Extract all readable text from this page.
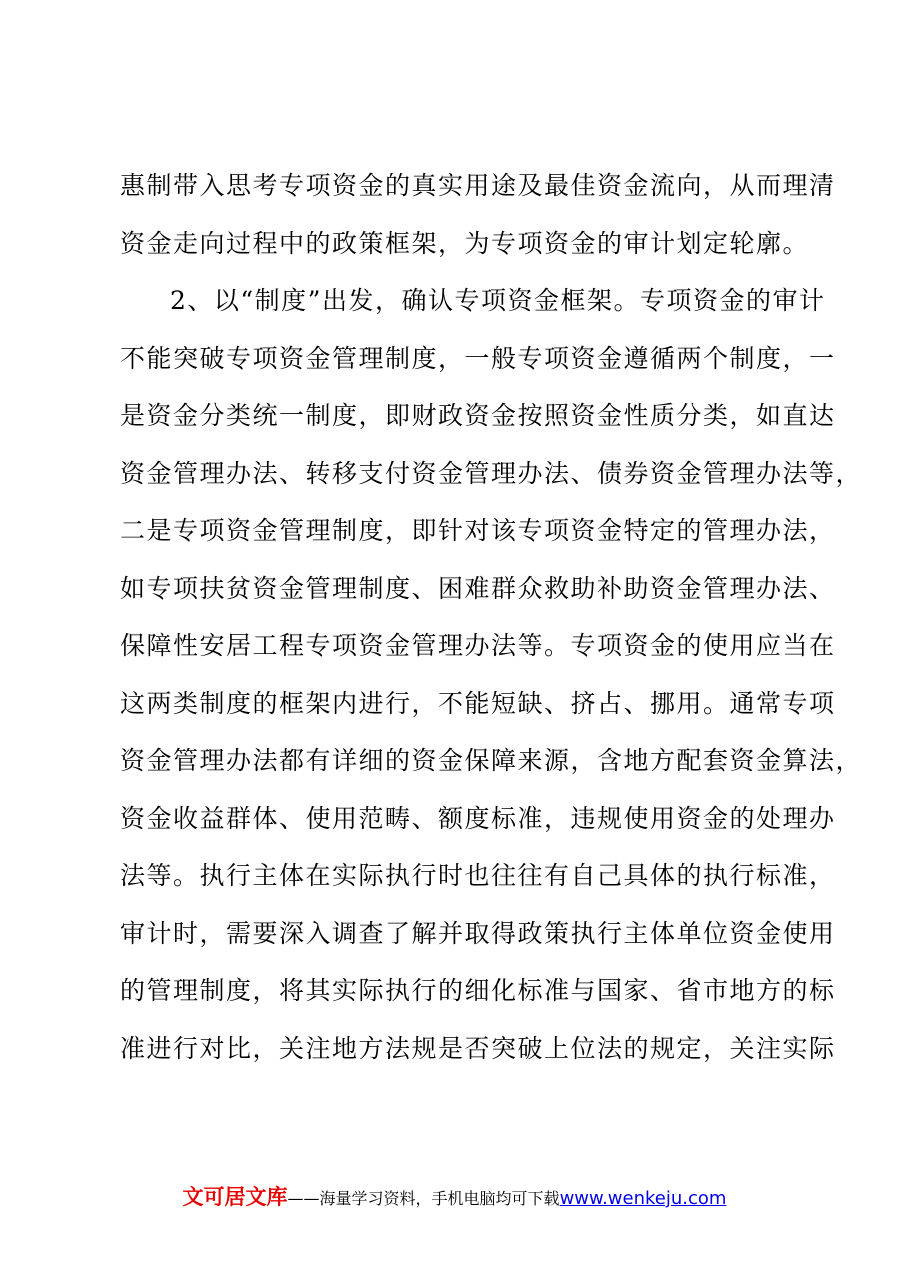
惠制带入思考专项资金的真实用途及最佳资金流向，从而理清
资金走向过程中的政策框架，为专项资金的审计划定轮廓。
2、以“制度”出发，确认专项资金框架。专项资金的审计
不能突破专项资金管理制度，一般专项资金遵循两个制度，一
是资金分类统一制度，即财政资金按照资金性质分类，如直达
资金管理办法、转移支付资金管理办法、债券资金管理办法等，
二是专项资金管理制度，即针对该专项资金特定的管理办法，
如专项扶贫资金管理制度、困难群众救助补助资金管理办法、
保障性安居工程专项资金管理办法等。专项资金的使用应当在
这两类制度的框架内进行，不能短缺、挤占、挪用。通常专项
资金管理办法都有详细的资金保障来源，含地方配套资金算法，
资金收益群体、使用范畴、额度标准，违规使用资金的处理办
法等。执行主体在实际执行时也往往有自己具体的执行标准，
审计时，需要深入调查了解并取得政策执行主体单位资金使用
的管理制度，将其实际执行的细化标准与国家、省市地方的标
准进行对比，关注地方法规是否突破上位法的规定，关注实际
文可居文库——海量学习资料，手机电脑均可下载www.wenkeju.com
